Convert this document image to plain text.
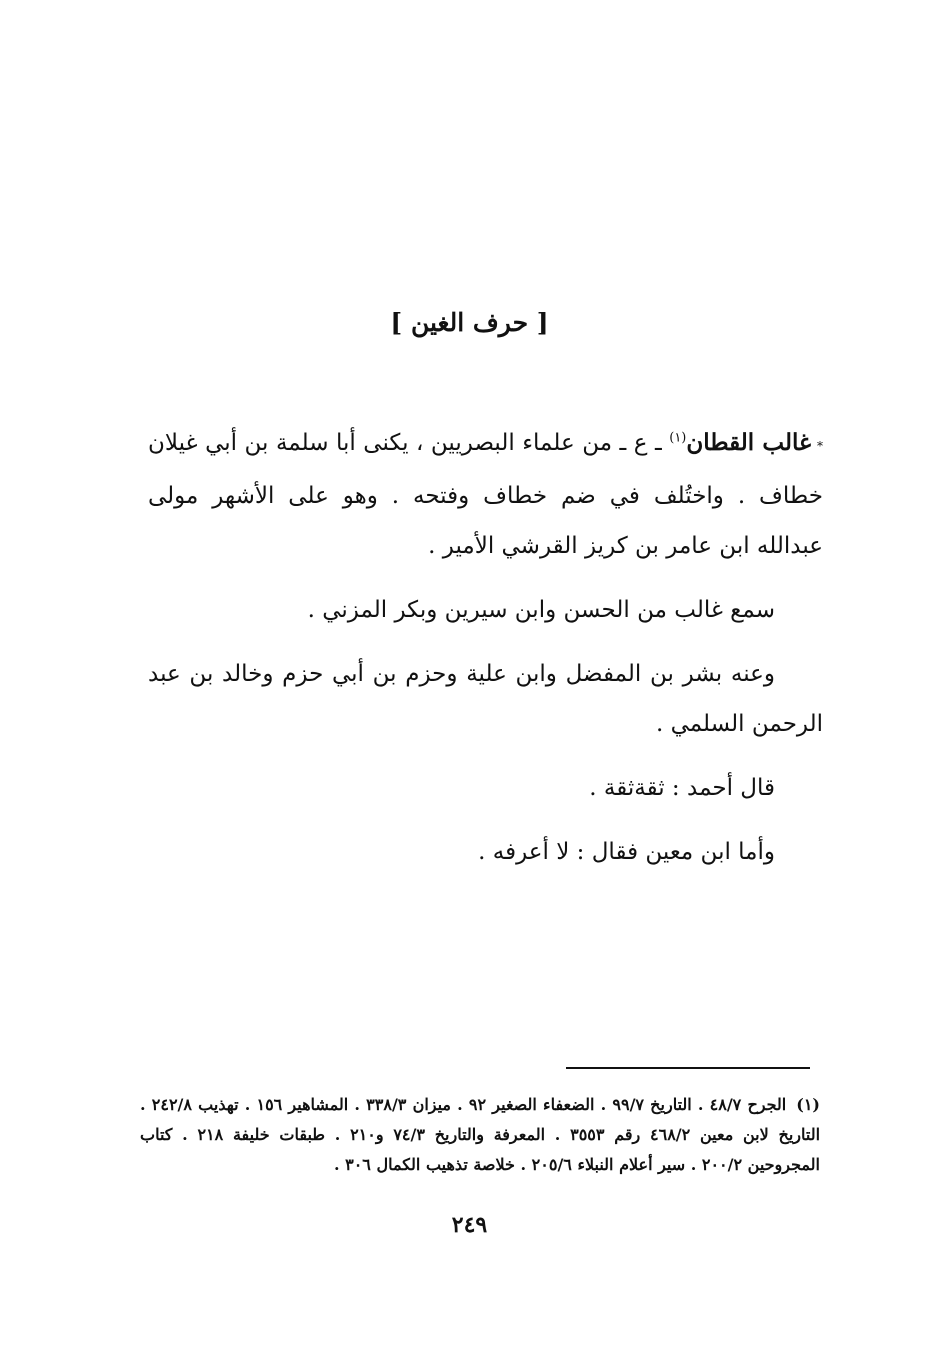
[ حرف الغين ]

*غالب القطان$^{(١)}$ ـ ع ـ من علماء البصريين ، يكنى أبا سلمة بن أبي غيلان خطاف . واختُلف في ضم خطاف وفتحه . وهو على الأشهر مولى عبدالله ابن عامر بن كريز القرشي الأمير .

سمع غالب من الحسن وابن سيرين وبكر المزني .

وعنه بشر بن المفضل وابن علية وحزم بن أبي حزم وخالد بن عبد الرحمن السلمي .

قال أحمد : ثقةثقة .

وأما ابن معين فقال : لا أعرفه .

(١)الجرح ٤٨/٧ . التاريخ ٩٩/٧ . الضعفاء الصغير ٩٢ . ميزان ٣٣٨/٣ . المشاهير ١٥٦ . تهذيب ٢٤٢/٨ . التاريخ لابن معين ٤٦٨/٢ رقم ٣٥٥٣ . المعرفة والتاريخ ٧٤/٣ و٢١٠ . طبقات خليفة ٢١٨ . كتاب المجروحين ٢٠٠/٢ . سير أعلام النبلاء ٢٠٥/٦ . خلاصة تذهيب الكمال ٣٠٦ .
٢٤٩
